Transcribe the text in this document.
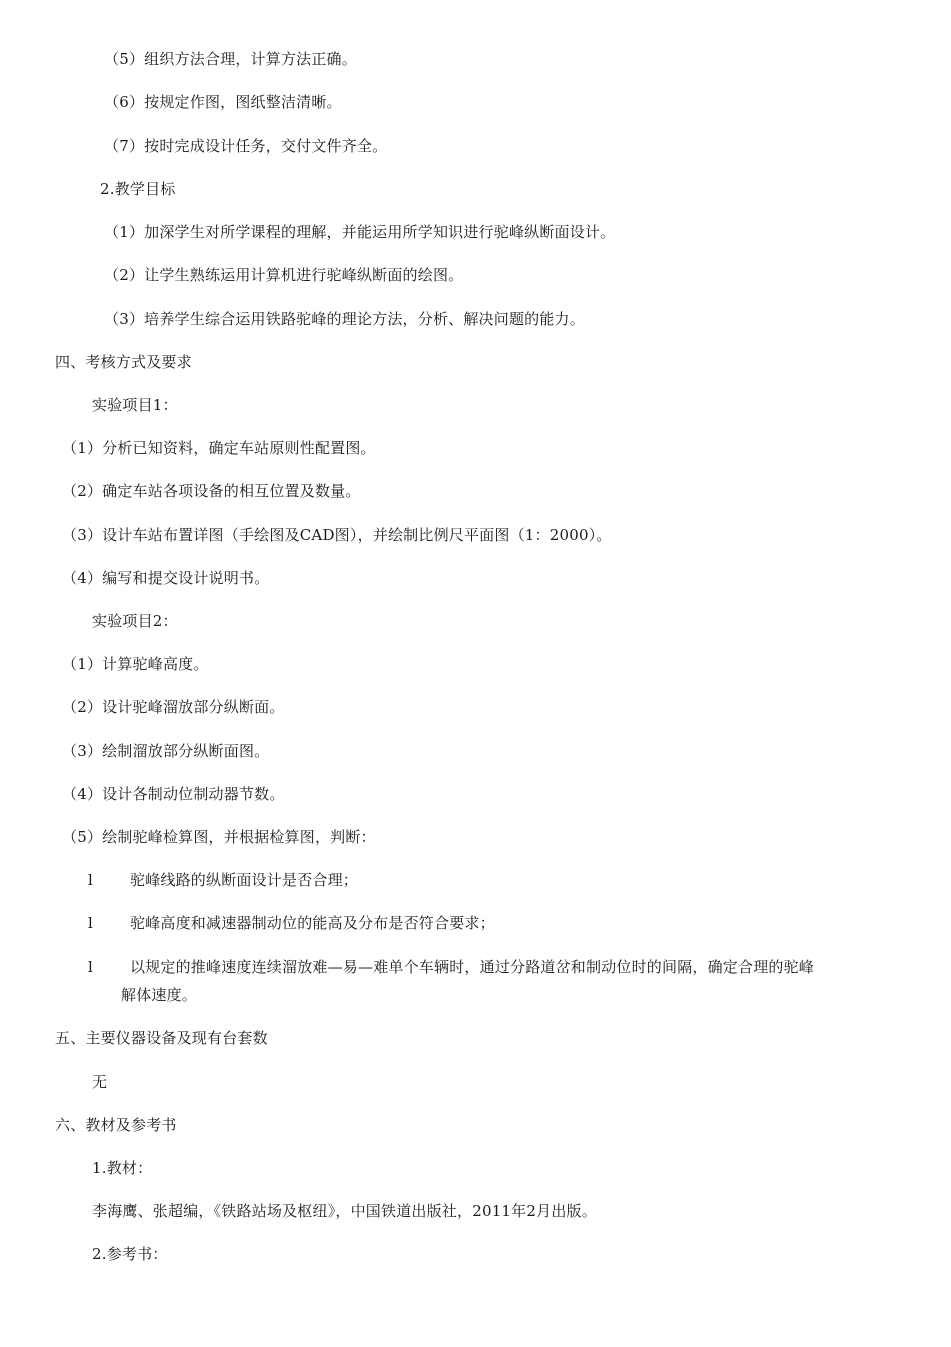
（5）组织方法合理，计算方法正确。
（6）按规定作图，图纸整洁清晰。
（7）按时完成设计任务，交付文件齐全。
2.教学目标
（1）加深学生对所学课程的理解，并能运用所学知识进行驼峰纵断面设计。
（2）让学生熟练运用计算机进行驼峰纵断面的绘图。
（3）培养学生综合运用铁路驼峰的理论方法，分析、解决问题的能力。
四、考核方式及要求
实验项目1：
（1）分析已知资料，确定车站原则性配置图。
（2）确定车站各项设备的相互位置及数量。
（3）设计车站布置详图（手绘图及CAD图），并绘制比例尺平面图（1：2000）。
（4）编写和提交设计说明书。
实验项目2：
（1）计算驼峰高度。
（2）设计驼峰溜放部分纵断面。
（3）绘制溜放部分纵断面图。
（4）设计各制动位制动器节数。
（5）绘制驼峰检算图，并根据检算图，判断：
l 驼峰线路的纵断面设计是否合理；
l 驼峰高度和减速器制动位的能高及分布是否符合要求；
l 以规定的推峰速度连续溜放难—易—难单个车辆时，通过分路道岔和制动位时的间隔，确定合理的驼峰
解体速度。
五、主要仪器设备及现有台套数
无
六、教材及参考书
1.教材：
李海鹰、张超编，《铁路站场及枢纽》，中国铁道出版社，2011年2月出版。
2.参考书：
